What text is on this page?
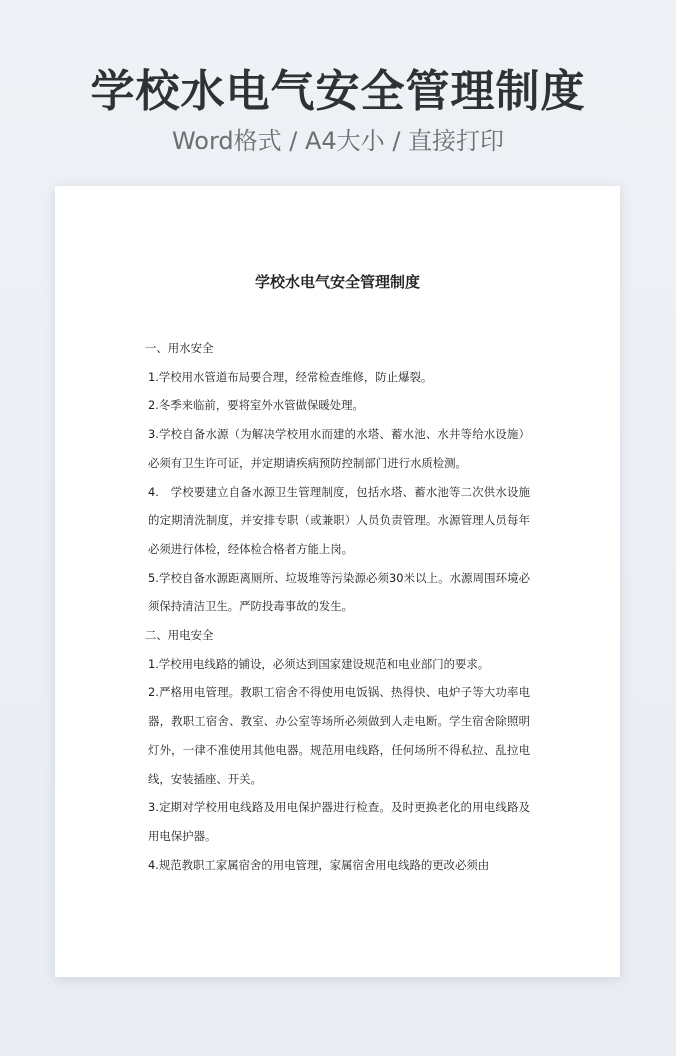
学校水电气安全管理制度
Word格式 / A4大小 / 直接打印
学校水电气安全管理制度

一、用水安全

1.学校用水管道布局要合理，经常检查维修，防止爆裂。

2.冬季来临前，要将室外水管做保暖处理。

3.学校自备水源（为解决学校用水而建的水塔、蓄水池、水井等给水设施）必须有卫生许可证，并定期请疾病预防控制部门进行水质检测。

4.　学校要建立自备水源卫生管理制度，包括水塔、蓄水池等二次供水设施的定期清洗制度，并安排专职（或兼职）人员负责管理。水源管理人员每年必须进行体检，经体检合格者方能上岗。

5.学校自备水源距离厕所、垃圾堆等污染源必须30米以上。水源周围环境必须保持清洁卫生。严防投毒事故的发生。

二、用电安全

1.学校用电线路的铺设，必须达到国家建设规范和电业部门的要求。

2.严格用电管理。教职工宿舍不得使用电饭锅、热得快、电炉子等大功率电器，教职工宿舍、教室、办公室等场所必须做到人走电断。学生宿舍除照明灯外，一律不准使用其他电器。规范用电线路，任何场所不得私拉、乱拉电线，安装插座、开关。

3.定期对学校用电线路及用电保护器进行检查。及时更换老化的用电线路及用电保护器。

4.规范教职工家属宿舍的用电管理，家属宿舍用电线路的更改必须由
